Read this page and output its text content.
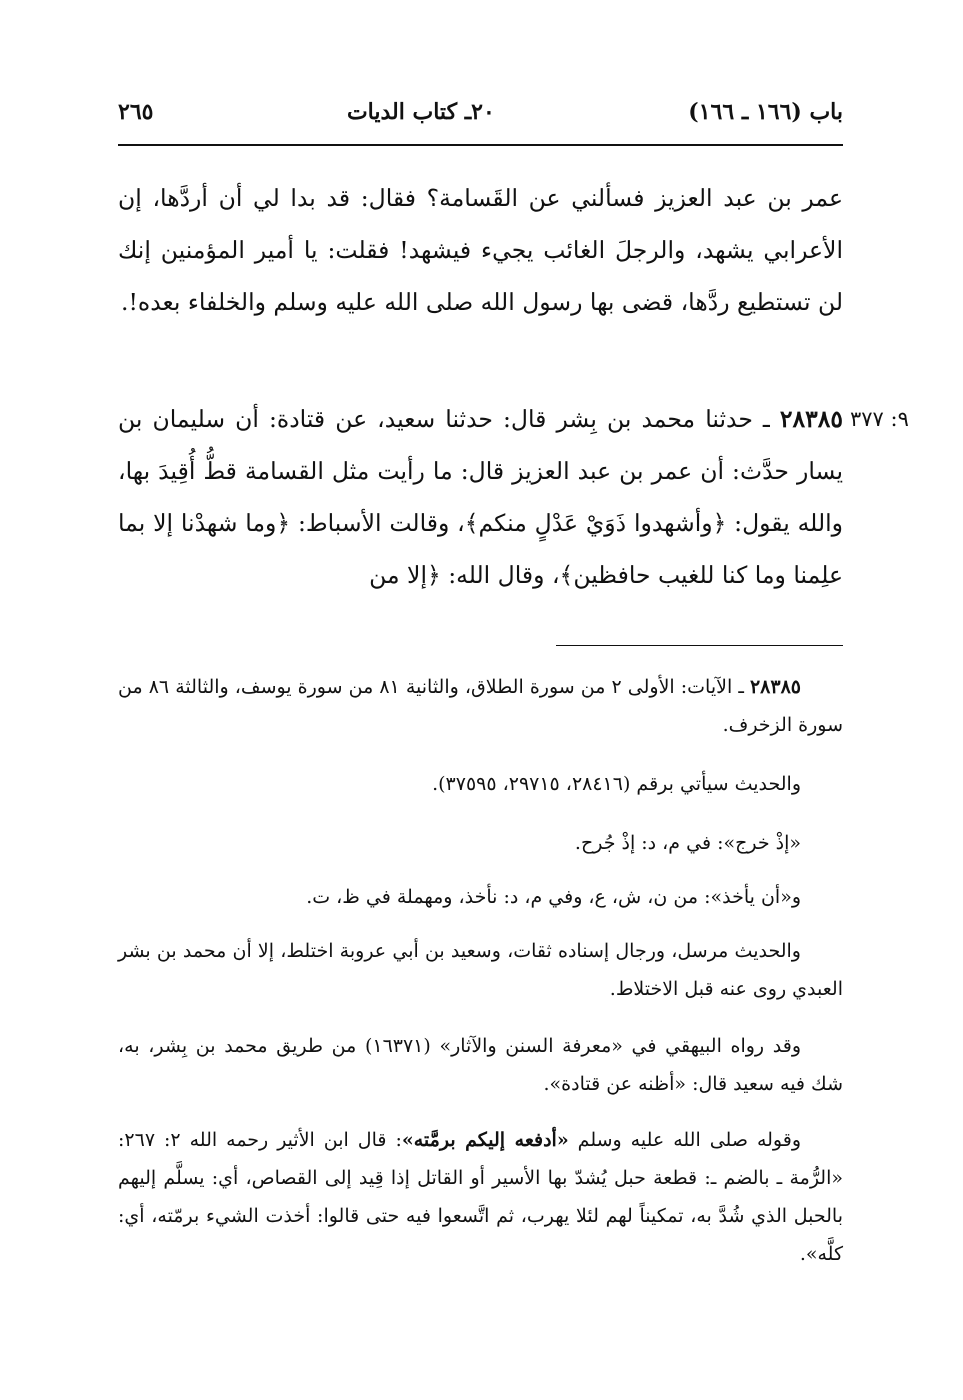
باب (١٦٦ ـ ١٦٦)
٢٠ـ كتاب الديات
٢٦٥

عمر بن عبد العزيز فسألني عن القَسامة؟ فقال: قد بدا لي أن أردَّها، إن الأعرابي يشهد، والرجلَ الغائب يجيء فيشهد! فقلت: يا أمير المؤمنين إنك لن تستطيع ردَّها، قضى بها رسول الله صلى الله عليه وسلم والخلفاء بعده!.

٩: ٣٧٧

٢٨٣٨٥ ـ حدثنا محمد بن بِشر قال: حدثنا سعيد، عن قتادة: أن سليمان بن يسار حدَّث: أن عمر بن عبد العزيز قال: ما رأيت مثل القسامة قطُّ أُقِيدَ بها، والله يقول: ﴿وأشهدوا ذَوَيْ عَدْلٍ منكم﴾، وقالت الأسباط: ﴿وما شهدْنا إلا بما علِمنا وما كنا للغيب حافظين﴾، وقال الله: ﴿إلا من

٢٨٣٨٥ ـ الآيات: الأولى ٢ من سورة الطلاق، والثانية ٨١ من سورة يوسف، والثالثة ٨٦ من سورة الزخرف.

والحديث سيأتي برقم (٢٨٤١٦، ٢٩٧١٥، ٣٧٥٩٥).

«إذْ خرج»: في م، د: إذْ جُرح.

و«أن يأخذ»: من ن، ش، ع، وفي م، د: نأخذ، ومهملة في ظ، ت.

والحديث مرسل، ورجال إسناده ثقات، وسعيد بن أبي عروبة اختلط، إلا أن محمد بن بشر العبدي روى عنه قبل الاختلاط.

وقد رواه البيهقي في «معرفة السنن والآثار» (١٦٣٧١) من طريق محمد بن بِشر، به، شك فيه سعيد قال: «أظنه عن قتادة».

وقوله صلى الله عليه وسلم «أدفعه إليكم برمَّته»: قال ابن الأثير رحمه الله ٢: ٢٦٧: «الرُّمة ـ بالضم ـ: قطعة حبل يُشدّ بها الأسير أو القاتل إذا قِيد إلى القصاص، أي: يسلَّم إليهم بالحبل الذي شُدَّ به، تمكيناً لهم لئلا يهرب، ثم اتَّسعوا فيه حتى قالوا: أخذت الشيء برمّته، أي: كلَّه».
